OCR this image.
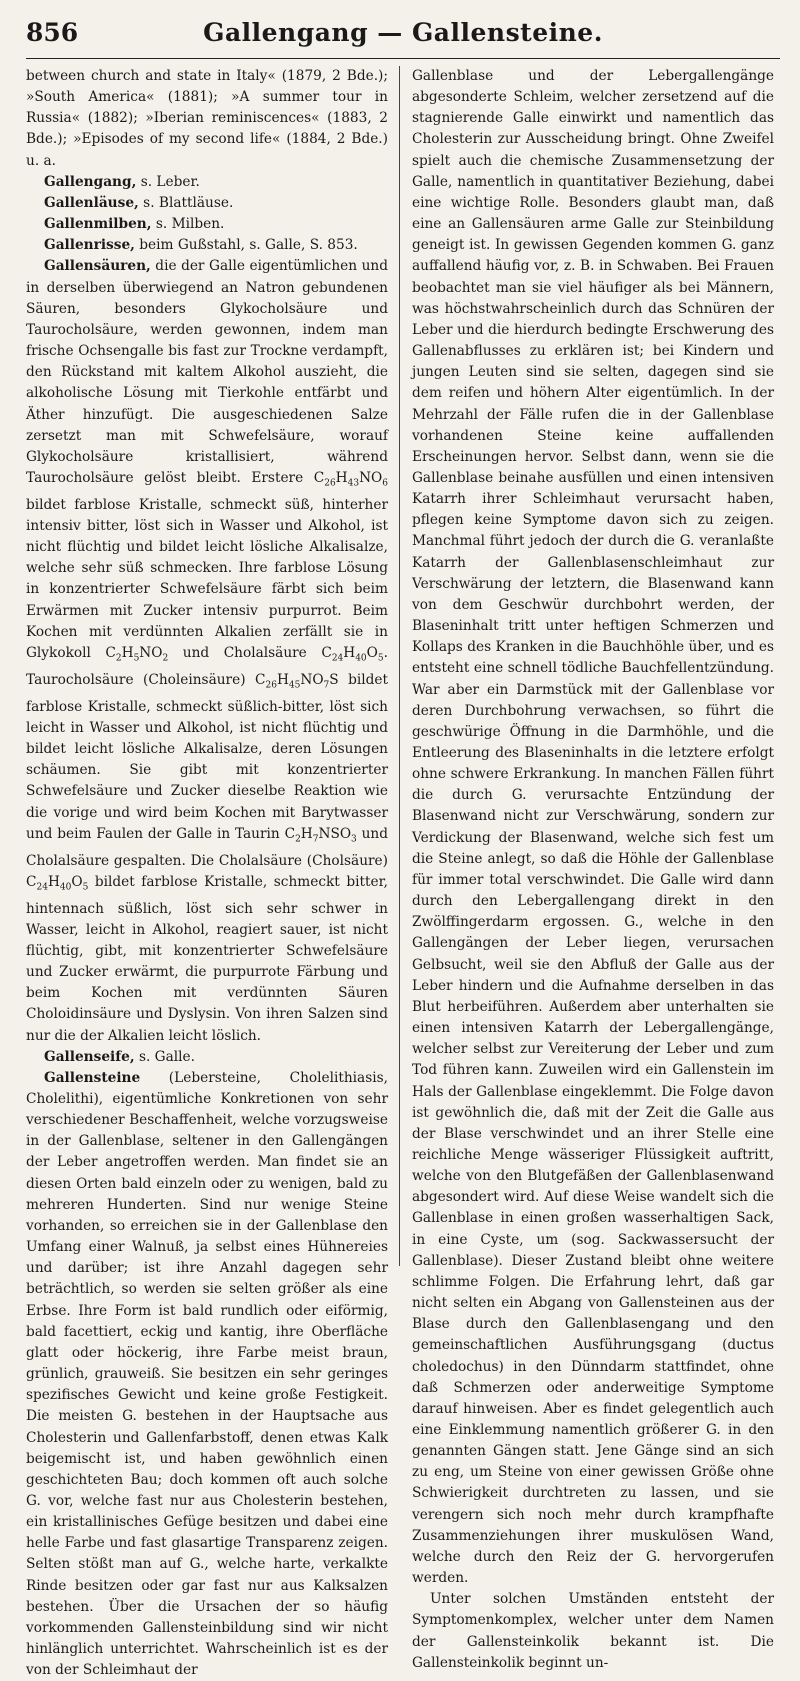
856	Gallengang — Gallensteine.

between church and state in Italy« (1879, 2 Bde.); »South America« (1881); »A summer tour in Russia« (1882); »Iberian reminiscences« (1883, 2 Bde.); »Episodes of my second life« (1884, 2 Bde.) u. a.

Gallengang, s. Leber.

Gallenläuse, s. Blattläuse.

Gallenmilben, s. Milben.

Gallenrisse, beim Gußstahl, s. Galle, S. 853.

Gallensäuren, die der Galle eigentümlichen und in derselben überwiegend an Natron gebundenen Säuren, besonders Glykocholsäure und Taurocholsäure, werden gewonnen, indem man frische Ochsengalle bis fast zur Trockne verdampft, den Rückstand mit kaltem Alkohol auszieht, die alkoholische Lösung mit Tierkohle entfärbt und Äther hinzufügt. Die ausgeschiedenen Salze zersetzt man mit Schwefelsäure, worauf Glykocholsäure kristallisiert, während Taurocholsäure gelöst bleibt. Erstere $C_{26}H_{43}NO_6$ bildet farblose Kristalle, schmeckt süß, hinterher intensiv bitter, löst sich in Wasser und Alkohol, ist nicht flüchtig und bildet leicht lösliche Alkalisalze, welche sehr süß schmecken. Ihre farblose Lösung in konzentrierter Schwefelsäure färbt sich beim Erwärmen mit Zucker intensiv purpurrot. Beim Kochen mit verdünnten Alkalien zerfällt sie in Glykokoll $C_2H_5NO_2$ und Cholalsäure $C_{24}H_{40}O_5$. Taurocholsäure (Choleinsäure) $C_{26}H_{45}NO_7S$ bildet farblose Kristalle, schmeckt süßlich-bitter, löst sich leicht in Wasser und Alkohol, ist nicht flüchtig und bildet leicht lösliche Alkalisalze, deren Lösungen schäumen. Sie gibt mit konzentrierter Schwefelsäure und Zucker dieselbe Reaktion wie die vorige und wird beim Kochen mit Barytwasser und beim Faulen der Galle in Taurin $C_2H_7NSO_3$ und Cholalsäure gespalten. Die Cholalsäure (Cholsäure) $C_{24}H_{40}O_5$ bildet farblose Kristalle, schmeckt bitter, hintennach süßlich, löst sich sehr schwer in Wasser, leicht in Alkohol, reagiert sauer, ist nicht flüchtig, gibt, mit konzentrierter Schwefelsäure und Zucker erwärmt, die purpurrote Färbung und beim Kochen mit verdünnten Säuren Choloidinsäure und Dyslysin. Von ihren Salzen sind nur die der Alkalien leicht löslich.

Gallenseife, s. Galle.

Gallensteine (Lebersteine, Cholelithiasis, Cholelithi), eigentümliche Konkretionen von sehr verschiedener Beschaffenheit, welche vorzugsweise in der Gallenblase, seltener in den Gallengängen der Leber angetroffen werden. Man findet sie an diesen Orten bald einzeln oder zu wenigen, bald zu mehreren Hunderten. Sind nur wenige Steine vorhanden, so erreichen sie in der Gallenblase den Umfang einer Walnuß, ja selbst eines Hühnereies und darüber; ist ihre Anzahl dagegen sehr beträchtlich, so werden sie selten größer als eine Erbse. Ihre Form ist bald rundlich oder eiförmig, bald facettiert, eckig und kantig, ihre Oberfläche glatt oder höckerig, ihre Farbe meist braun, grünlich, grauweiß. Sie besitzen ein sehr geringes spezifisches Gewicht und keine große Festigkeit. Die meisten G. bestehen in der Hauptsache aus Cholesterin und Gallenfarbstoff, denen etwas Kalk beigemischt ist, und haben gewöhnlich einen geschichteten Bau; doch kommen oft auch solche G. vor, welche fast nur aus Cholesterin bestehen, ein kristallinisches Gefüge besitzen und dabei eine helle Farbe und fast glasartige Transparenz zeigen. Selten stößt man auf G., welche harte, verkalkte Rinde besitzen oder gar fast nur aus Kalksalzen bestehen. Über die Ursachen der so häufig vorkommenden Gallensteinbildung sind wir nicht hinlänglich unterrichtet. Wahrscheinlich ist es der von der Schleimhaut der

Gallenblase und der Lebergallengänge abgesonderte Schleim, welcher zersetzend auf die stagnierende Galle einwirkt und namentlich das Cholesterin zur Ausscheidung bringt. Ohne Zweifel spielt auch die chemische Zusammensetzung der Galle, namentlich in quantitativer Beziehung, dabei eine wichtige Rolle. Besonders glaubt man, daß eine an Gallensäuren arme Galle zur Steinbildung geneigt ist. In gewissen Gegenden kommen G. ganz auffallend häufig vor, z. B. in Schwaben. Bei Frauen beobachtet man sie viel häufiger als bei Männern, was höchstwahrscheinlich durch das Schnüren der Leber und die hierdurch bedingte Erschwerung des Gallenabflusses zu erklären ist; bei Kindern und jungen Leuten sind sie selten, dagegen sind sie dem reifen und höhern Alter eigentümlich. In der Mehrzahl der Fälle rufen die in der Gallenblase vorhandenen Steine keine auffallenden Erscheinungen hervor. Selbst dann, wenn sie die Gallenblase beinahe ausfüllen und einen intensiven Katarrh ihrer Schleimhaut verursacht haben, pflegen keine Symptome davon sich zu zeigen. Manchmal führt jedoch der durch die G. veranlaßte Katarrh der Gallenblasenschleimhaut zur Verschwärung der letztern, die Blasenwand kann von dem Geschwür durchbohrt werden, der Blaseninhalt tritt unter heftigen Schmerzen und Kollaps des Kranken in die Bauchhöhle über, und es entsteht eine schnell tödliche Bauchfellentzündung. War aber ein Darmstück mit der Gallenblase vor deren Durchbohrung verwachsen, so führt die geschwürige Öffnung in die Darmhöhle, und die Entleerung des Blaseninhalts in die letztere erfolgt ohne schwere Erkrankung. In manchen Fällen führt die durch G. verursachte Entzündung der Blasenwand nicht zur Verschwärung, sondern zur Verdickung der Blasenwand, welche sich fest um die Steine anlegt, so daß die Höhle der Gallenblase für immer total verschwindet. Die Galle wird dann durch den Lebergallengang direkt in den Zwölffingerdarm ergossen. G., welche in den Gallengängen der Leber liegen, verursachen Gelbsucht, weil sie den Abfluß der Galle aus der Leber hindern und die Aufnahme derselben in das Blut herbeiführen. Außerdem aber unterhalten sie einen intensiven Katarrh der Lebergallengänge, welcher selbst zur Vereiterung der Leber und zum Tod führen kann. Zuweilen wird ein Gallenstein im Hals der Gallenblase eingeklemmt. Die Folge davon ist gewöhnlich die, daß mit der Zeit die Galle aus der Blase verschwindet und an ihrer Stelle eine reichliche Menge wässeriger Flüssigkeit auftritt, welche von den Blutgefäßen der Gallenblasenwand abgesondert wird. Auf diese Weise wandelt sich die Gallenblase in einen großen wasserhaltigen Sack, in eine Cyste, um (sog. Sackwassersucht der Gallenblase). Dieser Zustand bleibt ohne weitere schlimme Folgen. Die Erfahrung lehrt, daß gar nicht selten ein Abgang von Gallensteinen aus der Blase durch den Gallenblasengang und den gemeinschaftlichen Ausführungsgang (ductus choledochus) in den Dünndarm stattfindet, ohne daß Schmerzen oder anderweitige Symptome darauf hinweisen. Aber es findet gelegentlich auch eine Einklemmung namentlich größerer G. in den genannten Gängen statt. Jene Gänge sind an sich zu eng, um Steine von einer gewissen Größe ohne Schwierigkeit durchtreten zu lassen, und sie verengern sich noch mehr durch krampfhafte Zusammenziehungen ihrer muskulösen Wand, welche durch den Reiz der G. hervorgerufen werden.

Unter solchen Umständen entsteht der Symptomenkomplex, welcher unter dem Namen der Gallensteinkolik bekannt ist. Die Gallensteinkolik beginnt un-
